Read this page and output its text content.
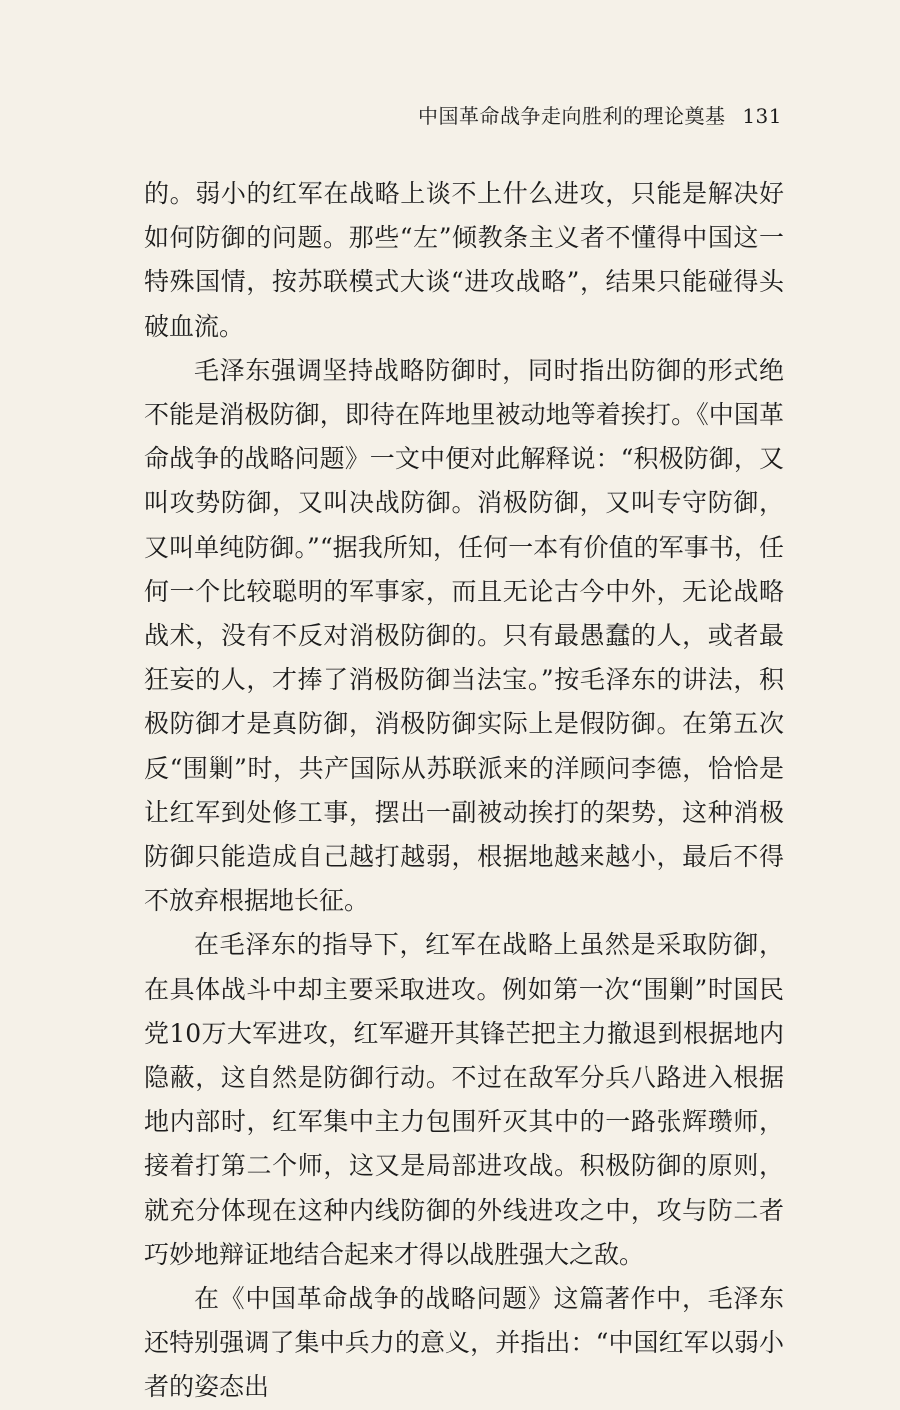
中国革命战争走向胜利的理论奠基 131

的。弱小的红军在战略上谈不上什么进攻，只能是解决好如何防御的问题。那些“左”倾教条主义者不懂得中国这一特殊国情，按苏联模式大谈“进攻战略”，结果只能碰得头破血流。

毛泽东强调坚持战略防御时，同时指出防御的形式绝不能是消极防御，即待在阵地里被动地等着挨打。《中国革命战争的战略问题》一文中便对此解释说：“积极防御，又叫攻势防御，又叫决战防御。消极防御，又叫专守防御，又叫单纯防御。”“据我所知，任何一本有价值的军事书，任何一个比较聪明的军事家，而且无论古今中外，无论战略战术，没有不反对消极防御的。只有最愚蠢的人，或者最狂妄的人，才捧了消极防御当法宝。”按毛泽东的讲法，积极防御才是真防御，消极防御实际上是假防御。在第五次反“围剿”时，共产国际从苏联派来的洋顾问李德，恰恰是让红军到处修工事，摆出一副被动挨打的架势，这种消极防御只能造成自己越打越弱，根据地越来越小，最后不得不放弃根据地长征。

在毛泽东的指导下，红军在战略上虽然是采取防御，在具体战斗中却主要采取进攻。例如第一次“围剿”时国民党10万大军进攻，红军避开其锋芒把主力撤退到根据地内隐蔽，这自然是防御行动。不过在敌军分兵八路进入根据地内部时，红军集中主力包围歼灭其中的一路张辉瓒师，接着打第二个师，这又是局部进攻战。积极防御的原则，就充分体现在这种内线防御的外线进攻之中，攻与防二者巧妙地辩证地结合起来才得以战胜强大之敌。

在《中国革命战争的战略问题》这篇著作中，毛泽东还特别强调了集中兵力的意义，并指出：“中国红军以弱小者的姿态出
